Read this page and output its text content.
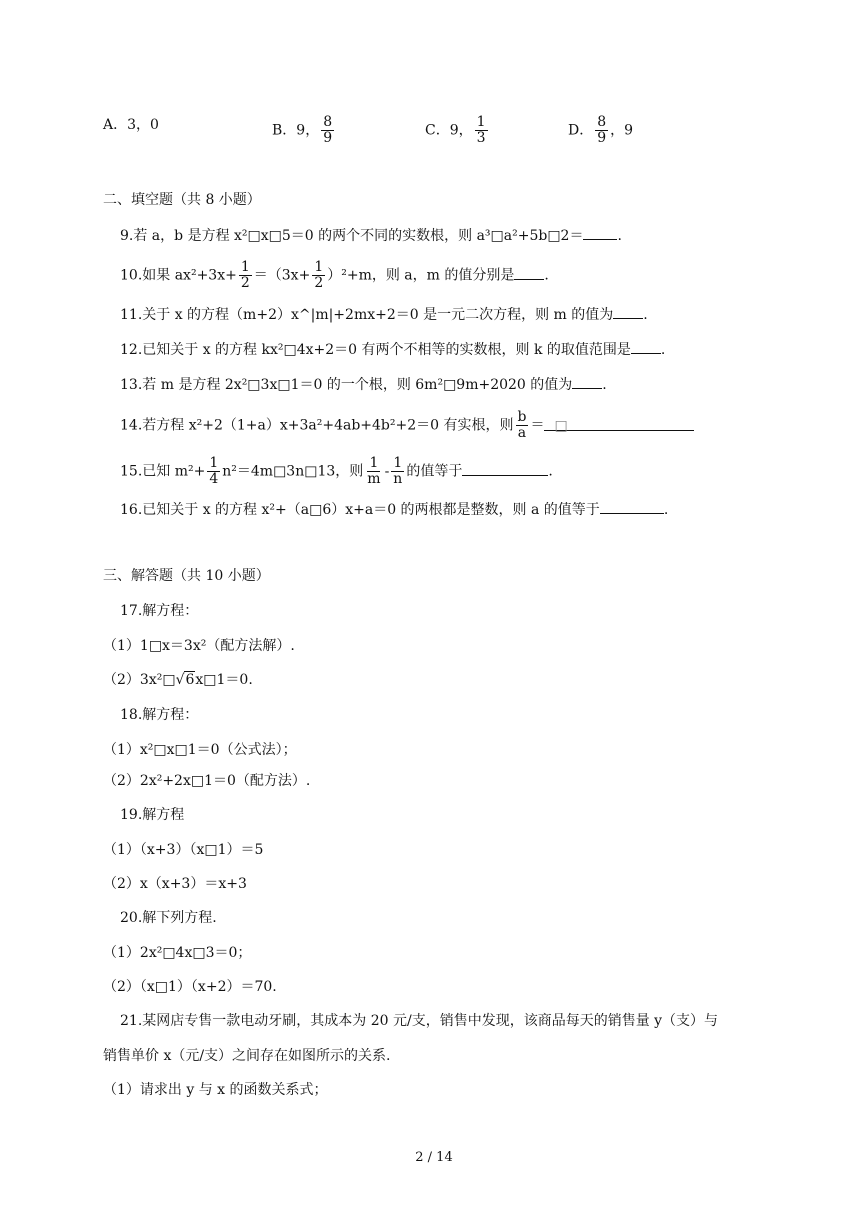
A．3，0	B．9， $\frac{8}{9}$	C．9， $\frac{1}{3}$	D． $\frac{8}{9}$ ，9
二、填空题（共 8 小题）
9.若 a，b 是方程 x²□x□5＝0 的两个不同的实数根，则 a³□a²+5b□2＝ .
10.如果 $ax^2+3x+ \frac{1}{2} =(3x+ \frac{1}{2} )^2+m$，则 a，m 的值分别是 .
11.关于 x 的方程（m+2）x^|m|+2mx+2＝0 是一元二次方程，则 m 的值为 .
12.已知关于 x 的方程 kx²□4x+2＝0 有两个不相等的实数根，则 k 的取值范围是 .
13.若 m 是方程 2x²□3x□1＝0 的一个根，则 6m²□9m+2020 的值为 .
14.若方程 x²+2（1+a）x+3a²+4ab+4b²+2＝0 有实根，则 $\frac{b}{a}$ ＝ □
15.已知 $m^2+ \frac{1}{4}$ n²＝4m□3n□13，则 $\frac{1}{m} - \frac{1}{n}$ 的值等于	.
16.已知关于 x 的方程 x²+（a□6）x+a＝0 的两根都是整数，则 a 的值等于	.
三、解答题（共 10 小题）
17.解方程：
（1）1□x＝3x²（配方法解）.
（2）3x²□√6x□1＝0.
18.解方程：
（1）x²□x□1＝0（公式法）；
（2）2x²+2x□1＝0（配方法）.
19.解方程
（1）（x+3）（x□1）＝5
（2）x（x+3）＝x+3
20.解下列方程.
（1）2x²□4x□3＝0；
（2）（x□1）（x+2）＝70.
21.某网店专售一款电动牙刷，其成本为 20 元/支，销售中发现，该商品每天的销售量 y（支）与
销售单价 x（元/支）之间存在如图所示的关系.
（1）请求出 y 与 x 的函数关系式；
2 / 14
